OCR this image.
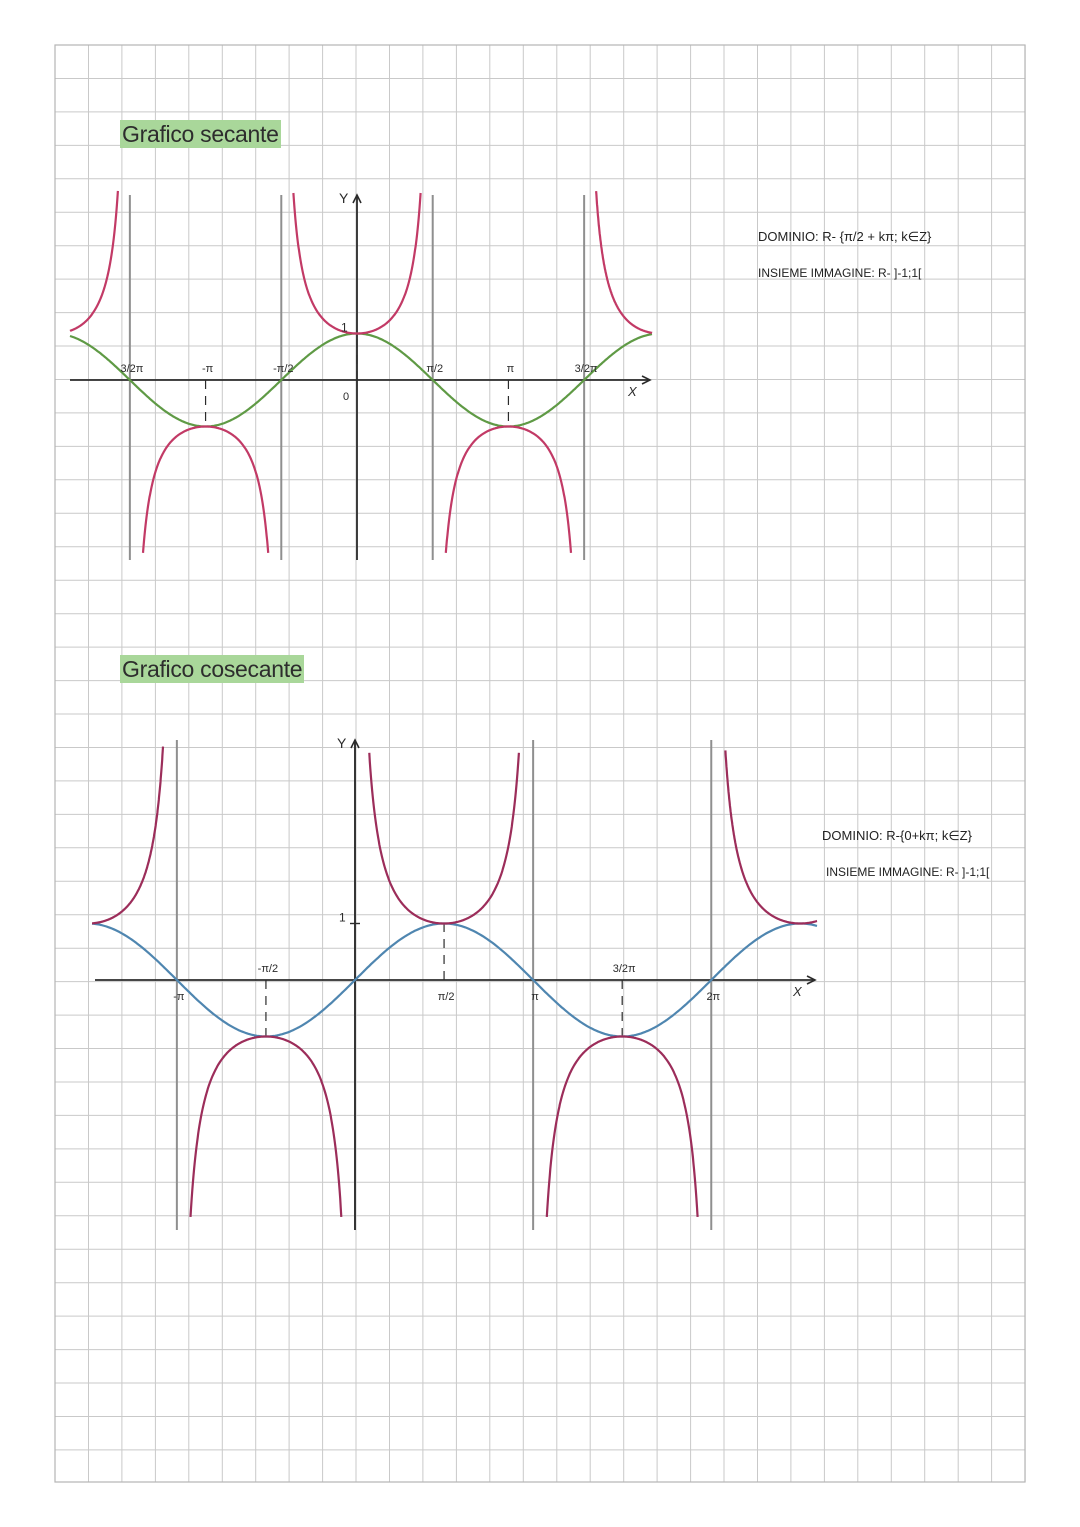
X
Y
1
3/2π	-π	-π/2
0
π/2	π	3/2π
X
Y
1
-π
-π/2
π/2	π
3/2π
2π
Grafico secante
Grafico cosecante
DOMINIO: R- {π/2 + kπ; k∈Z}
INSIEME IMMAGINE: R- ]-1;1[
DOMINIO: R-{0+kπ; k∈Z}
INSIEME IMMAGINE: R- ]-1;1[
